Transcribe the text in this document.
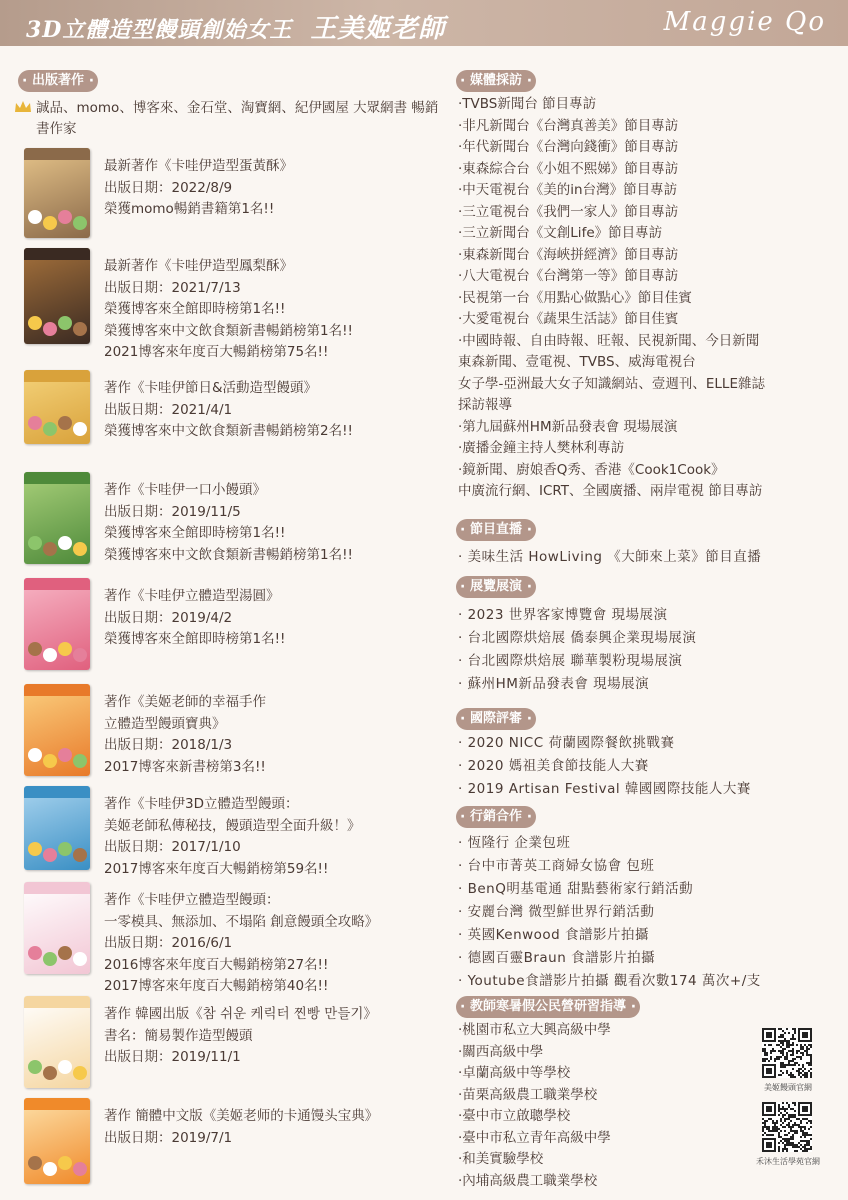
3D立體造型饅頭創始女王 王美姬老師	Maggie Qo
· 出版著作 ·
誠品、momo、博客來、金石堂、淘寶網、紀伊國屋 大眾網書 暢銷書作家
最新著作《卡哇伊造型蛋黃酥》
出版日期：2022/8/9
榮獲momo暢銷書籍第1名!!
最新著作《卡哇伊造型鳳梨酥》
出版日期：2021/7/13
榮獲博客來全館即時榜第1名!!
榮獲博客來中文飲食類新書暢銷榜第1名!!
2021博客來年度百大暢銷榜第75名!!
著作《卡哇伊節日&活動造型饅頭》
出版日期：2021/4/1
榮獲博客來中文飲食類新書暢銷榜第2名!!
著作《卡哇伊一口小饅頭》
出版日期：2019/11/5
榮獲博客來全館即時榜第1名!!
榮獲博客來中文飲食類新書暢銷榜第1名!!
著作《卡哇伊立體造型湯圓》
出版日期：2019/4/2
榮獲博客來全館即時榜第1名!!
著作《美姬老師的幸福手作
立體造型饅頭寶典》
出版日期：2018/1/3
2017博客來新書榜第3名!!
著作《卡哇伊3D立體造型饅頭：
美姬老師私傳秘技，饅頭造型全面升級！》
出版日期：2017/1/10
2017博客來年度百大暢銷榜第59名!!
著作《卡哇伊立體造型饅頭：
一零模具、無添加、不塌陷 創意饅頭全攻略》
出版日期：2016/6/1
2016博客來年度百大暢銷榜第27名!!
2017博客來年度百大暢銷榜第40名!!
著作 韓國出版《참 쉬운 케릭터 찐빵 만들기》
書名：簡易製作造型饅頭
出版日期：2019/11/1
著作 簡體中文版《美姬老师的卡通馒头宝典》
出版日期：2019/7/1
· 媒體採訪 ·
·TVBS新聞台 節目專訪
·非凡新聞台《台灣真善美》節目專訪
·年代新聞台《台灣向錢衝》節目專訪
·東森綜合台《小姐不熙娣》節目專訪
·中天電視台《美的in台灣》節目專訪
·三立電視台《我們一家人》節目專訪
·三立新聞台《文創Life》節目專訪
·東森新聞台《海峽拼經濟》節目專訪
·八大電視台《台灣第一等》節目專訪
·民視第一台《用點心做點心》節目佳賓
·大愛電視台《蔬果生活誌》節目佳賓
·中國時報、自由時報、旺報、民視新聞、今日新聞
東森新聞、壹電視、TVBS、威海電視台
女子學-亞洲最大女子知識網站、壹週刊、ELLE雜誌
採訪報導
·第九屆蘇州HM新品發表會 現場展演
·廣播金鐘主持人樊林利專訪
·鏡新聞、廚娘香Q秀、香港《Cook1Cook》
中廣流行網、ICRT、全國廣播、兩岸電視 節目專訪
· 節目直播 ·
· 美味生活 HowLiving 《大師來上菜》節目直播
· 展覽展演 ·
· 2023 世界客家博覽會 現場展演
· 台北國際烘焙展 僑泰興企業現場展演
· 台北國際烘焙展 聯華製粉現場展演
· 蘇州HM新品發表會 現場展演
· 國際評審 ·
· 2020 NICC 荷蘭國際餐飲挑戰賽
· 2020 媽祖美食節技能人大賽
· 2019 Artisan Festival 韓國國際技能人大賽
· 行銷合作 ·
· 恆隆行 企業包班
· 台中市菁英工商婦女協會 包班
· BenQ明基電通 甜點藝術家行銷活動
· 安麗台灣 微型鮮世界行銷活動
· 英國Kenwood 食譜影片拍攝
· 德國百靈Braun 食譜影片拍攝
· Youtube食譜影片拍攝 觀看次數174 萬次+/支
· 教師寒暑假公民營研習指導 ·
·桃園市私立大興高級中學
·關西高級中學
·卓蘭高級中等學校
·苗栗高級農工職業學校
·臺中市立啟聰學校
·臺中市私立青年高級中學
·和美實驗學校
·內埔高級農工職業學校
美姬饅頭官網
禾沐生活學苑官網
